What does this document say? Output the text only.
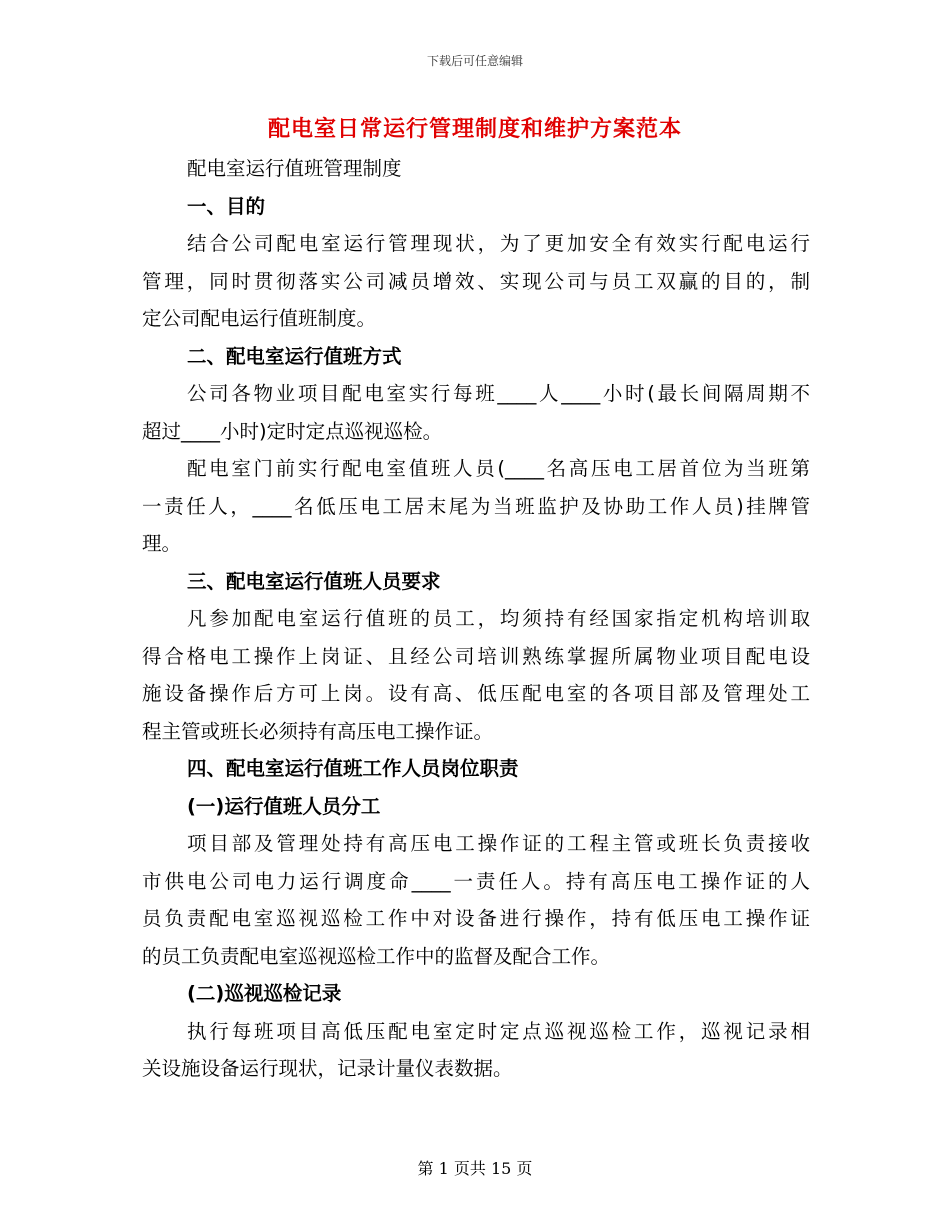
下载后可任意编辑
配电室日常运行管理制度和维护方案范本
配电室运行值班管理制度
一、目的
结合公司配电室运行管理现状，为了更加安全有效实行配电运行
管理，同时贯彻落实公司减员增效、实现公司与员工双赢的目的，制
定公司配电运行值班制度。
二、配电室运行值班方式
公司各物业项目配电室实行每班____人____小时(最长间隔周期不
超过____小时)定时定点巡视巡检。
配电室门前实行配电室值班人员(____名高压电工居首位为当班第
一责任人，____名低压电工居末尾为当班监护及协助工作人员)挂牌管
理。
三、配电室运行值班人员要求
凡参加配电室运行值班的员工，均须持有经国家指定机构培训取
得合格电工操作上岗证、且经公司培训熟练掌握所属物业项目配电设
施设备操作后方可上岗。设有高、低压配电室的各项目部及管理处工
程主管或班长必须持有高压电工操作证。
四、配电室运行值班工作人员岗位职责
(一)运行值班人员分工
项目部及管理处持有高压电工操作证的工程主管或班长负责接收
市供电公司电力运行调度命____一责任人。持有高压电工操作证的人
员负责配电室巡视巡检工作中对设备进行操作，持有低压电工操作证
的员工负责配电室巡视巡检工作中的监督及配合工作。
(二)巡视巡检记录
执行每班项目高低压配电室定时定点巡视巡检工作，巡视记录相
关设施设备运行现状，记录计量仪表数据。
第 1 页共 15 页
